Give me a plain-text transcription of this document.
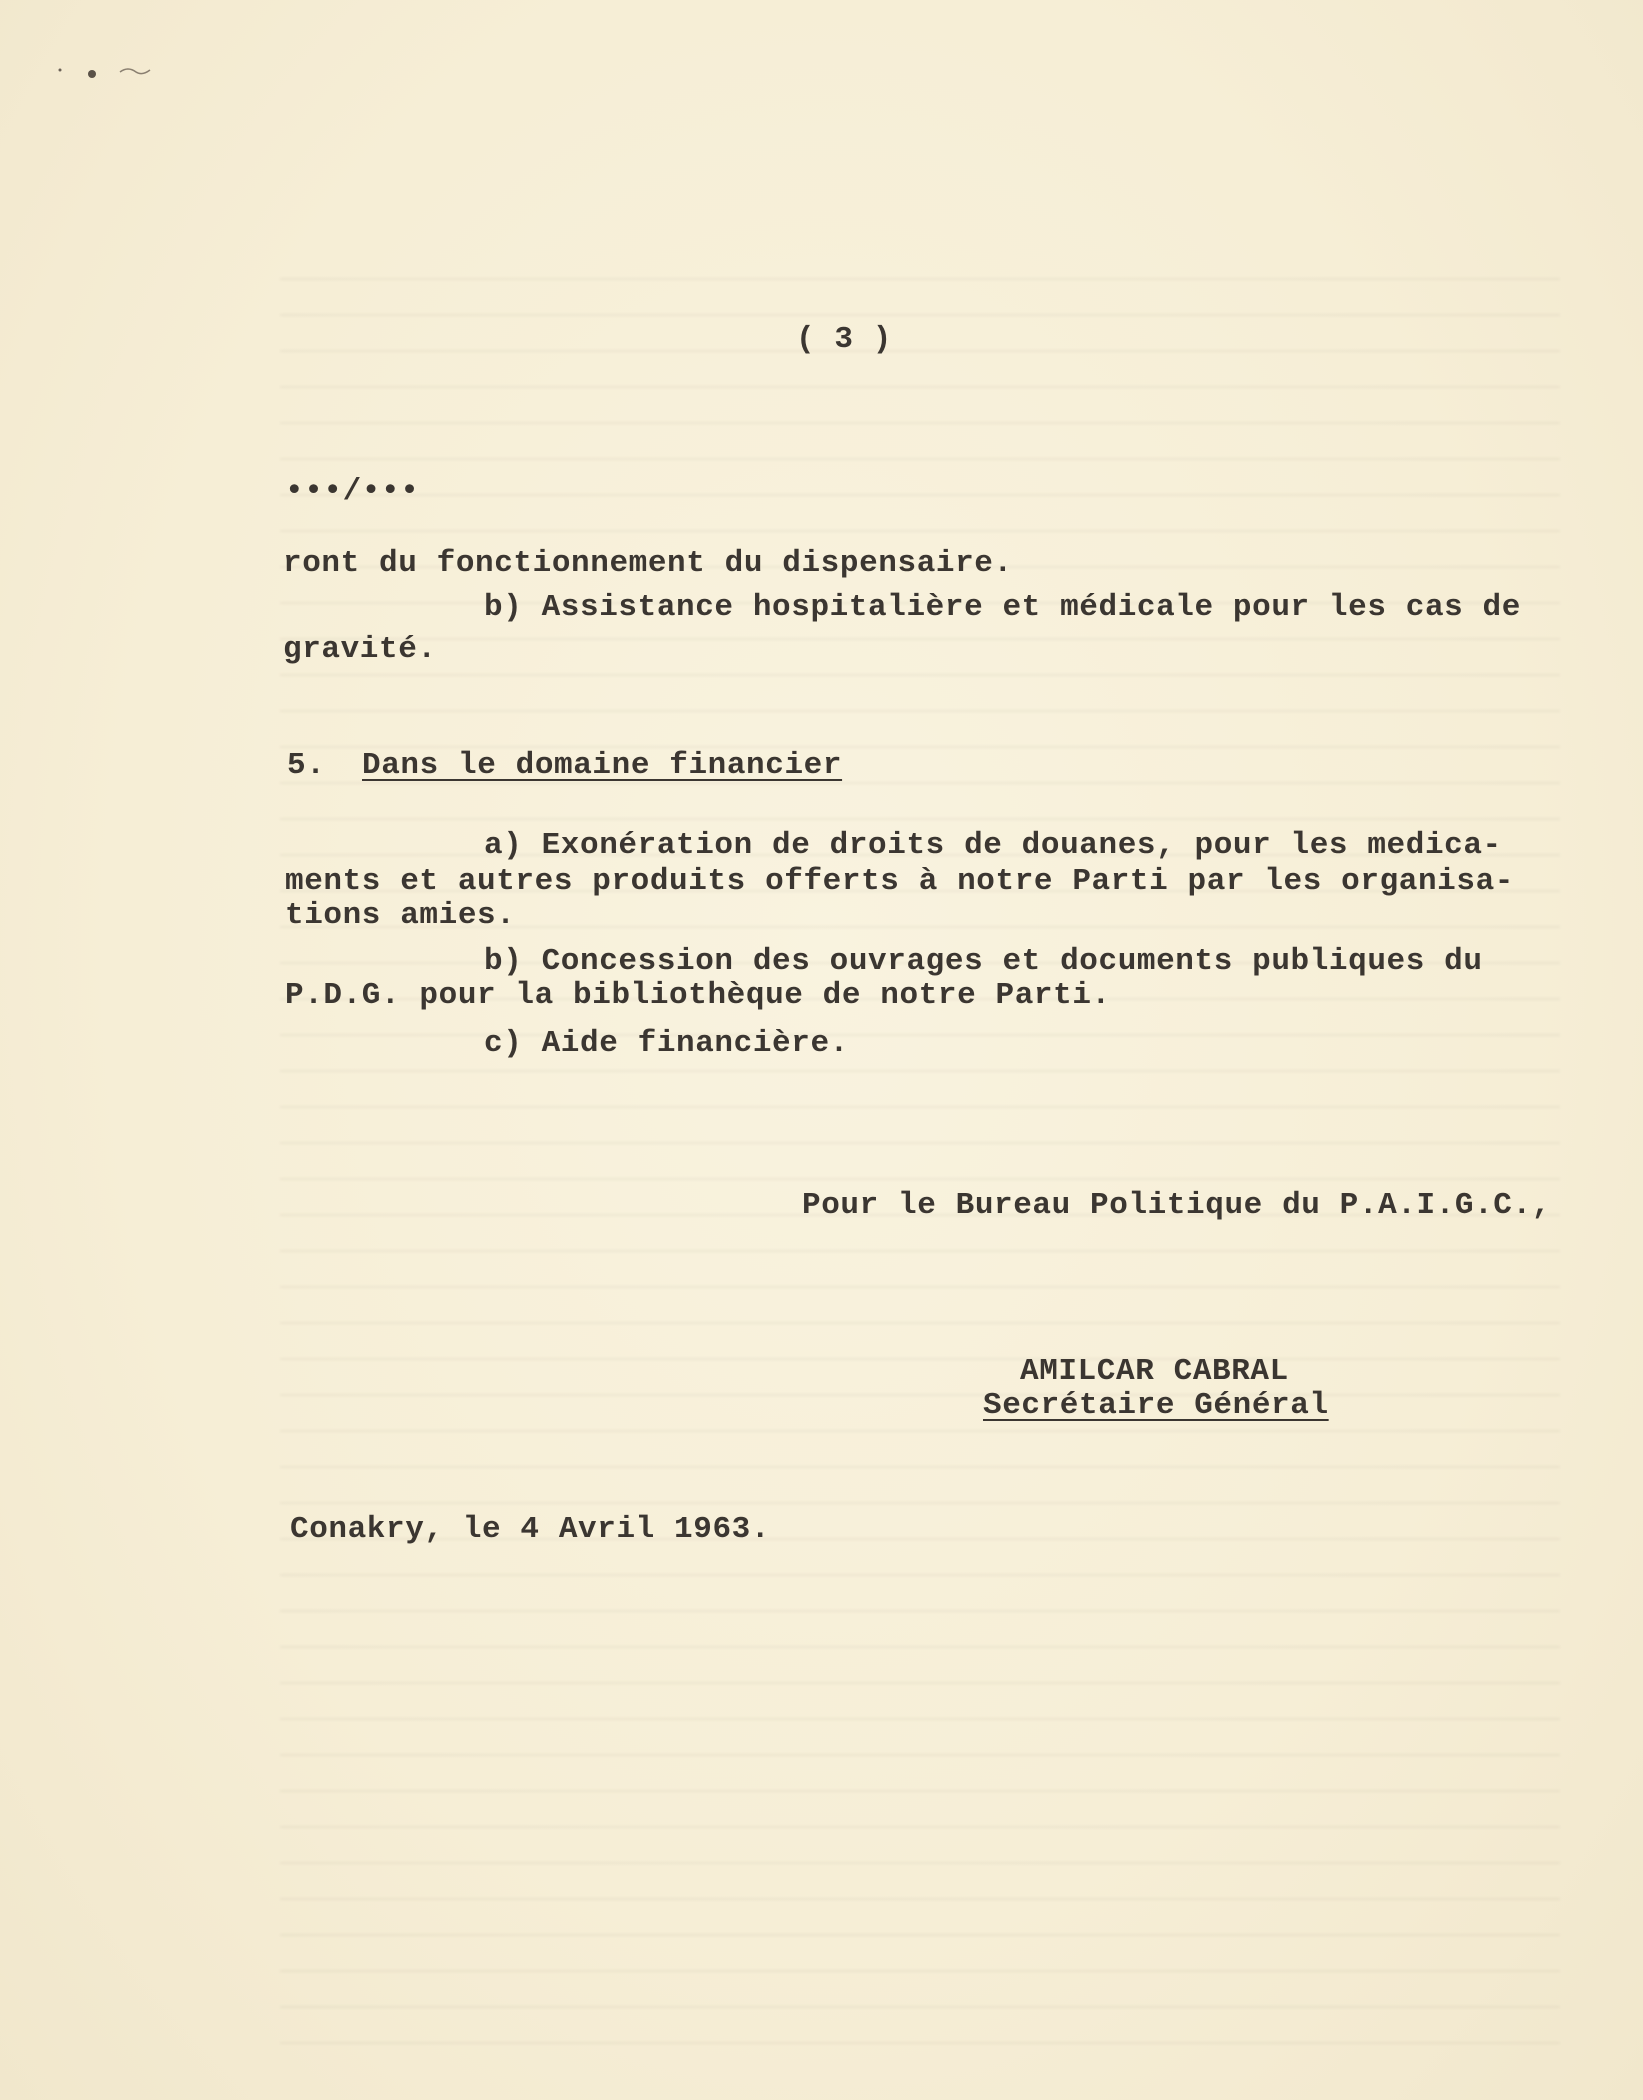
( 3 )
•••/•••
ront du fonctionnement du dispensaire.
b) Assistance hospitalière et médicale pour les cas de
gravité.
5. Dans le domaine financier
a) Exonération de droits de douanes, pour les medica-
ments et autres produits offerts à notre Parti par les organisa-
tions amies.
b) Concession des ouvrages et documents publiques du
P.D.G. pour la bibliothèque de notre Parti.
c) Aide financière.
Pour le Bureau Politique du P.A.I.G.C.,
AMILCAR CABRAL
Secrétaire Général
Conakry, le 4 Avril 1963.
